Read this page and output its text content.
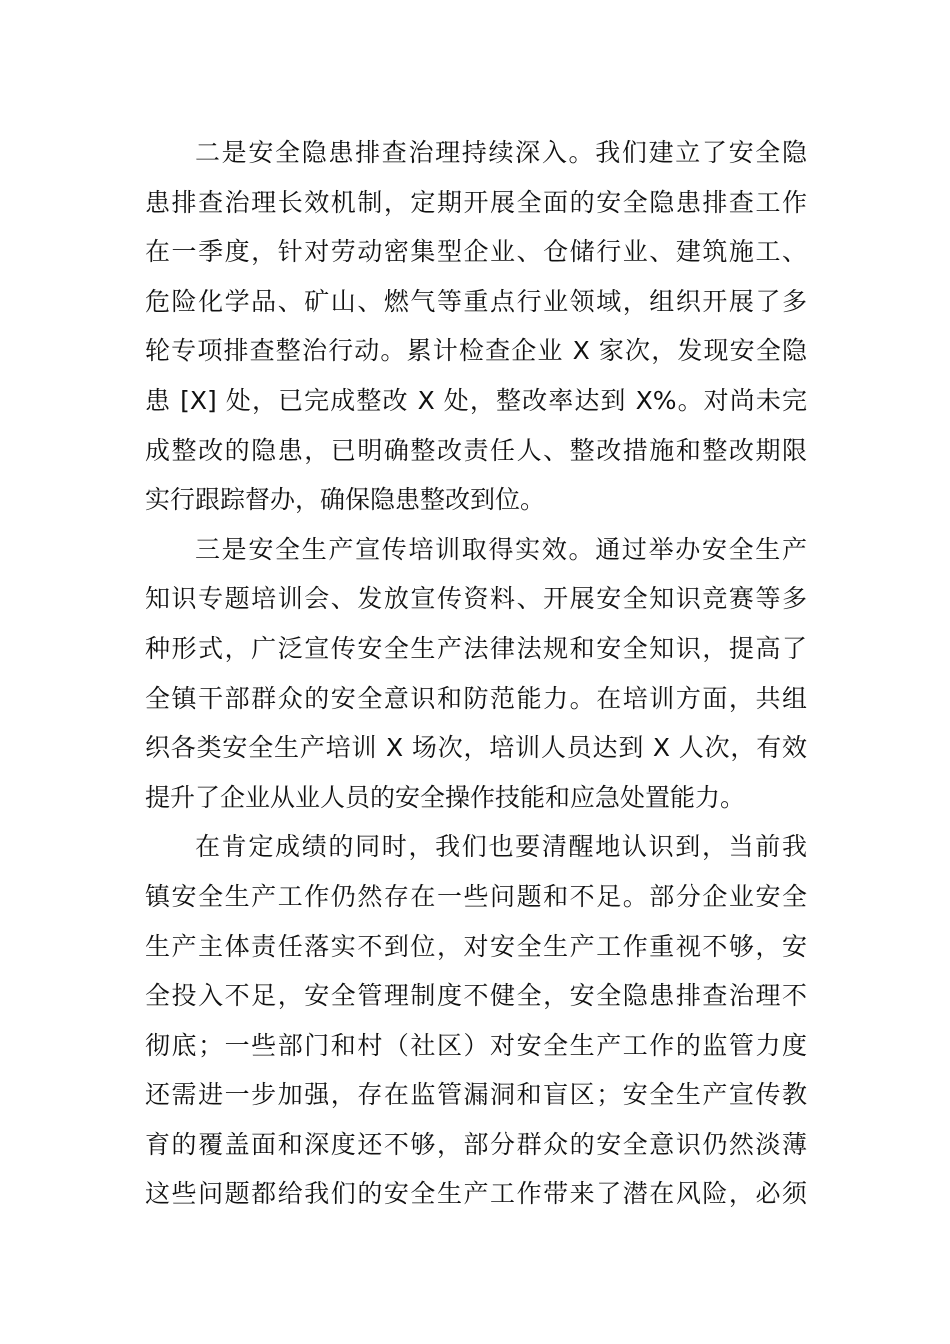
二是安全隐患排查治理持续深入。我们建立了安全隐
患排查治理长效机制，定期开展全面的安全隐患排查工作
在一季度，针对劳动密集型企业、仓储行业、建筑施工、
危险化学品、矿山、燃气等重点行业领域，组织开展了多
轮专项排查整治行动。累计检查企业 X 家次，发现安全隐
患 [X] 处，已完成整改 X 处，整改率达到 X%。对尚未完
成整改的隐患，已明确整改责任人、整改措施和整改期限
实行跟踪督办，确保隐患整改到位。
三是安全生产宣传培训取得实效。通过举办安全生产
知识专题培训会、发放宣传资料、开展安全知识竞赛等多
种形式，广泛宣传安全生产法律法规和安全知识，提高了
全镇干部群众的安全意识和防范能力。在培训方面，共组
织各类安全生产培训 X 场次，培训人员达到 X 人次，有效
提升了企业从业人员的安全操作技能和应急处置能力。
在肯定成绩的同时，我们也要清醒地认识到，当前我
镇安全生产工作仍然存在一些问题和不足。部分企业安全
生产主体责任落实不到位，对安全生产工作重视不够，安
全投入不足，安全管理制度不健全，安全隐患排查治理不
彻底；一些部门和村（社区）对安全生产工作的监管力度
还需进一步加强，存在监管漏洞和盲区；安全生产宣传教
育的覆盖面和深度还不够，部分群众的安全意识仍然淡薄
这些问题都给我们的安全生产工作带来了潜在风险，必须
